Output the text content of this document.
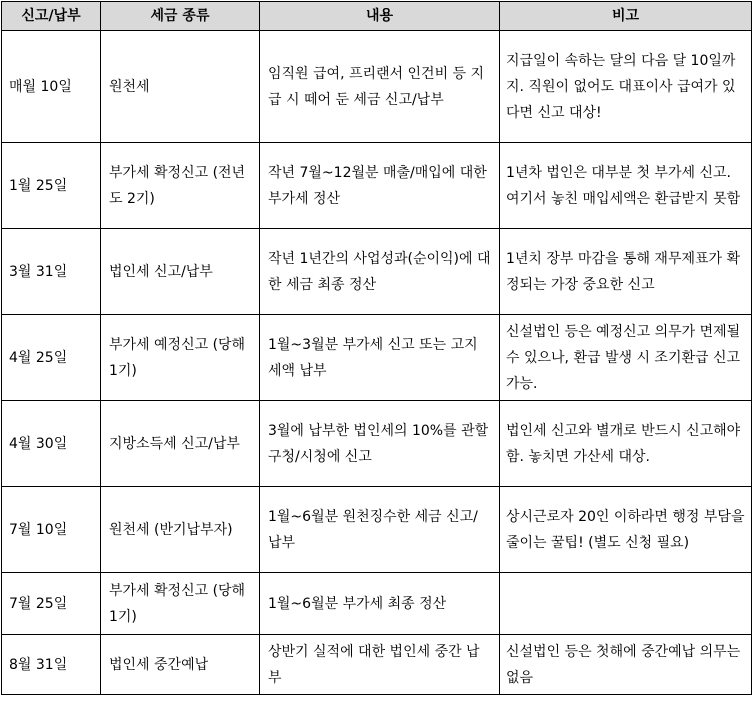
신고/납부	세금 종류	내용	비고
매월 10일	원천세	임직원 급여, 프리랜서 인건비 등 지급 시 떼어 둔 세금 신고/납부	지급일이 속하는 달의 다음 달 10일까지. 직원이 없어도 대표이사 급여가 있다면 신고 대상!
1월 25일	부가세 확정신고 (전년도 2기)	작년 7월~12월분 매출/매입에 대한 부가세 정산	1년차 법인은 대부분 첫 부가세 신고. 여기서 놓친 매입세액은 환급받지 못함
3월 31일	법인세 신고/납부	작년 1년간의 사업성과(순이익)에 대한 세금 최종 정산	1년치 장부 마감을 통해 재무제표가 확정되는 가장 중요한 신고
4월 25일	부가세 예정신고 (당해 1기)	1월~3월분 부가세 신고 또는 고지세액 납부	신설법인 등은 예정신고 의무가 면제될 수 있으나, 환급 발생 시 조기환급 신고 가능.
4월 30일	지방소득세 신고/납부	3월에 납부한 법인세의 10%를 관할 구청/시청에 신고	법인세 신고와 별개로 반드시 신고해야함. 놓치면 가산세 대상.
7월 10일	원천세 (반기납부자)	1월~6월분 원천징수한 세금 신고/납부	상시근로자 20인 이하라면 행정 부담을 줄이는 꿀팁! (별도 신청 필요)
7월 25일	부가세 확정신고 (당해 1기)	1월~6월분 부가세 최종 정산	
8월 31일	법인세 중간예납	상반기 실적에 대한 법인세 중간 납부	신설법인 등은 첫해에 중간예납 의무는 없음
